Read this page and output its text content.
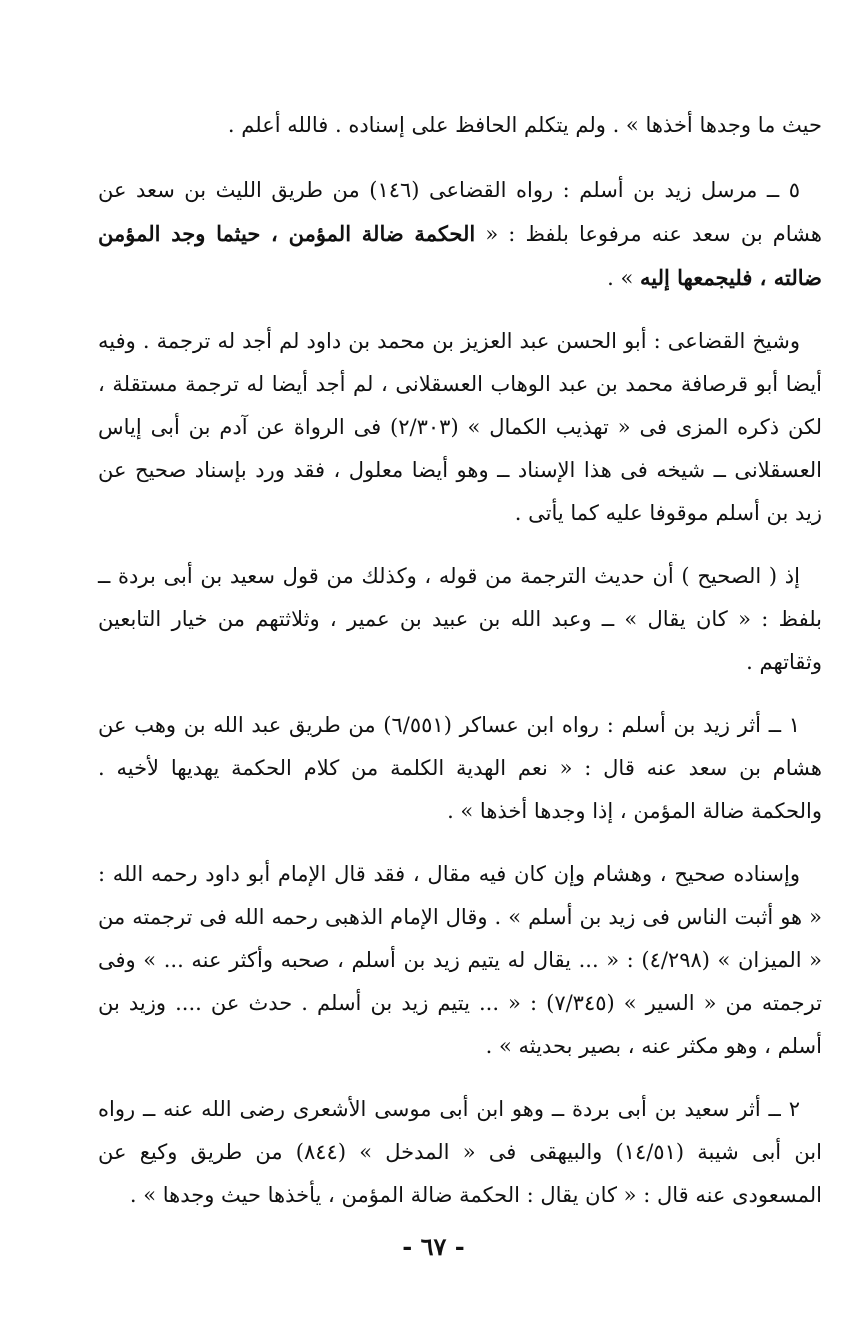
حيث ما وجدها أخذها » . ولم يتكلم الحافظ على إسناده . فالله أعلم .

٥ ــ مرسل زيد بن أسلم : رواه القضاعى (١٤٦) من طريق الليث بن سعد عن هشام بن سعد عنه مرفوعا بلفظ : « الحكمة ضالة المؤمن ، حيثما وجد المؤمن ضالته ، فليجمعها إليه » .

وشيخ القضاعى : أبو الحسن عبد العزيز بن محمد بن داود لم أجد له ترجمة . وفيه أيضا أبو قرصافة محمد بن عبد الوهاب العسقلانى ، لم أجد أيضا له ترجمة مستقلة ، لكن ذكره المزى فى « تهذيب الكمال » (٢/٣٠٣) فى الرواة عن آدم بن أبى إياس العسقلانى ــ شيخه فى هذا الإسناد ــ وهو أيضا معلول ، فقد ورد بإسناد صحيح عن زيد بن أسلم موقوفا عليه كما يأتى .

إذ ( الصحيح ) أن حديث الترجمة من قوله ، وكذلك من قول سعيد بن أبى بردة ــ بلفظ : « كان يقال » ــ وعبد الله بن عبيد بن عمير ، وثلاثتهم من خيار التابعين وثقاتهم .

١ ــ أثر زيد بن أسلم : رواه ابن عساكر (٦/٥٥١) من طريق عبد الله بن وهب عن هشام بن سعد عنه قال : « نعم الهدية الكلمة من كلام الحكمة يهديها لأخيه . والحكمة ضالة المؤمن ، إذا وجدها أخذها » .

وإسناده صحيح ، وهشام وإن كان فيه مقال ، فقد قال الإمام أبو داود رحمه الله : « هو أثبت الناس فى زيد بن أسلم » . وقال الإمام الذهبى رحمه الله فى ترجمته من « الميزان » (٤/٢٩٨) : « ... يقال له يتيم زيد بن أسلم ، صحبه وأكثر عنه ... » وفى ترجمته من « السير » (٧/٣٤٥) : « ... يتيم زيد بن أسلم . حدث عن .... وزيد بن أسلم ، وهو مكثر عنه ، بصير بحديثه » .

٢ ــ أثر سعيد بن أبى بردة ــ وهو ابن أبى موسى الأشعرى رضى الله عنه ــ رواه ابن أبى شيبة (١٤/٥١) والبيهقى فى « المدخل » (٨٤٤) من طريق وكيع عن المسعودى عنه قال : « كان يقال : الحكمة ضالة المؤمن ، يأخذها حيث وجدها » .

- ٦٧ -
